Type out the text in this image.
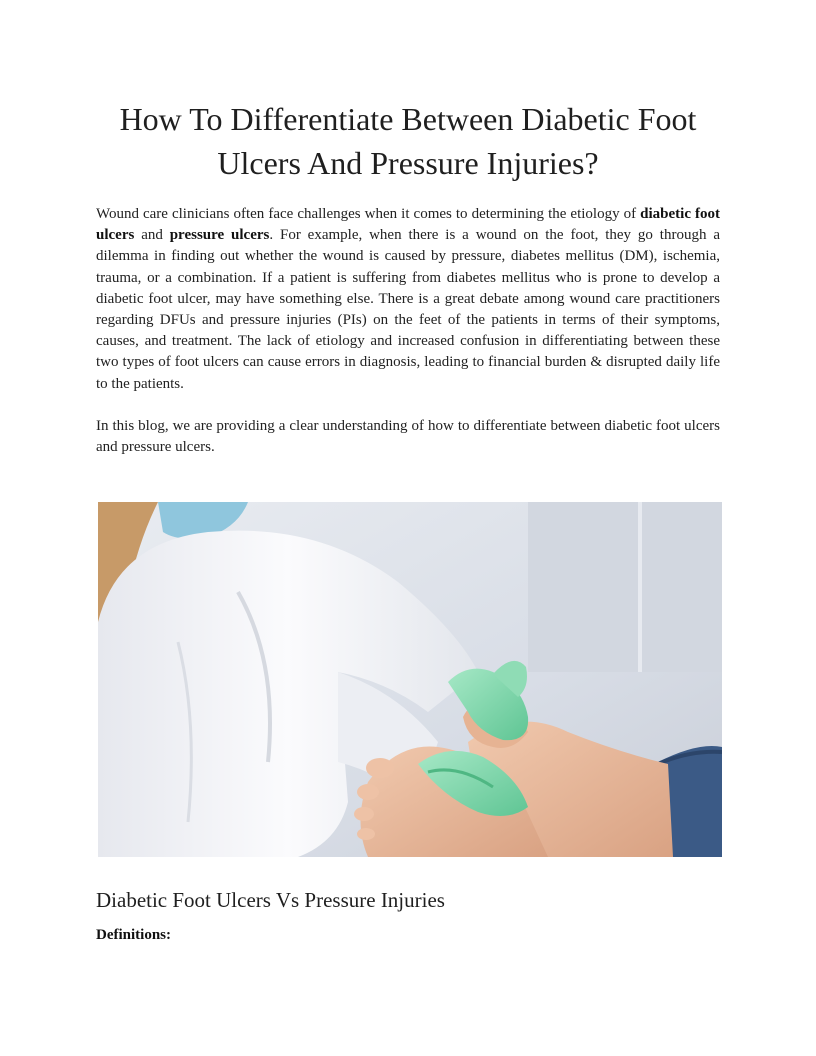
How To Differentiate Between Diabetic Foot Ulcers And Pressure Injuries?

Wound care clinicians often face challenges when it comes to determining the etiology of diabetic foot ulcers and pressure ulcers. For example, when there is a wound on the foot, they go through a dilemma in finding out whether the wound is caused by pressure, diabetes mellitus (DM), ischemia, trauma, or a combination. If a patient is suffering from diabetes mellitus who is prone to develop a diabetic foot ulcer, may have something else. There is a great debate among wound care practitioners regarding DFUs and pressure injuries (PIs) on the feet of the patients in terms of their symptoms, causes, and treatment. The lack of etiology and increased confusion in differentiating between these two types of foot ulcers can cause errors in diagnosis, leading to financial burden & disrupted daily life to the patients.

In this blog, we are providing a clear understanding of how to differentiate between diabetic foot ulcers and pressure ulcers.

Diabetic Foot Ulcers Vs Pressure Injuries

Definitions:
